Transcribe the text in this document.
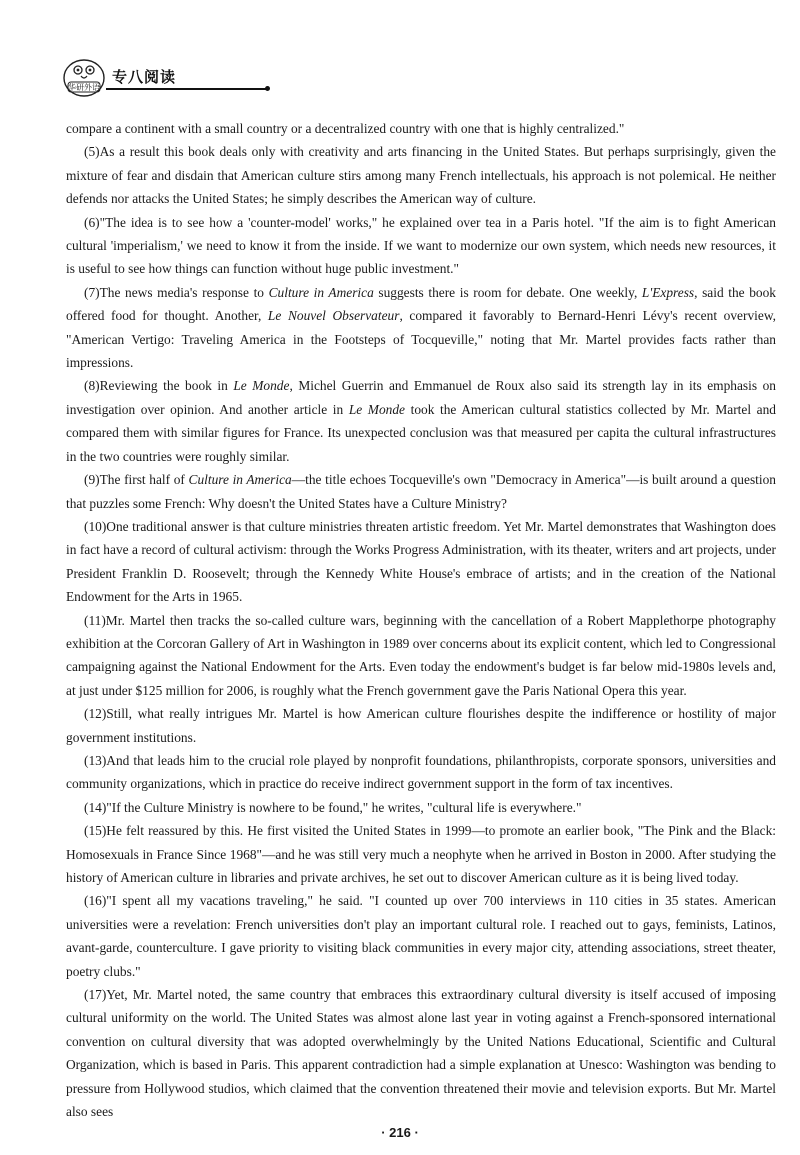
华研外语
专八阅读

compare a continent with a small country or a decentralized country with one that is highly centralized."

(5)As a result this book deals only with creativity and arts financing in the United States. But perhaps surprisingly, given the mixture of fear and disdain that American culture stirs among many French intellectuals, his approach is not polemical. He neither defends nor attacks the United States; he simply describes the American way of culture.

(6)"The idea is to see how a 'counter-model' works," he explained over tea in a Paris hotel. "If the aim is to fight American cultural 'imperialism,' we need to know it from the inside. If we want to modernize our own system, which needs new resources, it is useful to see how things can function without huge public investment."

(7)The news media's response to Culture in America suggests there is room for debate. One weekly, L'Express, said the book offered food for thought. Another, Le Nouvel Observateur, compared it favorably to Bernard-Henri Lévy's recent overview, "American Vertigo: Traveling America in the Footsteps of Tocqueville," noting that Mr. Martel provides facts rather than impressions.

(8)Reviewing the book in Le Monde, Michel Guerrin and Emmanuel de Roux also said its strength lay in its emphasis on investigation over opinion. And another article in Le Monde took the American cultural statistics collected by Mr. Martel and compared them with similar figures for France. Its unexpected conclusion was that measured per capita the cultural infrastructures in the two countries were roughly similar.

(9)The first half of Culture in America—the title echoes Tocqueville's own "Democracy in America"—is built around a question that puzzles some French: Why doesn't the United States have a Culture Ministry?

(10)One traditional answer is that culture ministries threaten artistic freedom. Yet Mr. Martel demonstrates that Washington does in fact have a record of cultural activism: through the Works Progress Administration, with its theater, writers and art projects, under President Franklin D. Roosevelt; through the Kennedy White House's embrace of artists; and in the creation of the National Endowment for the Arts in 1965.

(11)Mr. Martel then tracks the so-called culture wars, beginning with the cancellation of a Robert Mapplethorpe photography exhibition at the Corcoran Gallery of Art in Washington in 1989 over concerns about its explicit content, which led to Congressional campaigning against the National Endowment for the Arts. Even today the endowment's budget is far below mid-1980s levels and, at just under $125 million for 2006, is roughly what the French government gave the Paris National Opera this year.

(12)Still, what really intrigues Mr. Martel is how American culture flourishes despite the indifference or hostility of major government institutions.

(13)And that leads him to the crucial role played by nonprofit foundations, philanthropists, corporate sponsors, universities and community organizations, which in practice do receive indirect government support in the form of tax incentives.

(14)"If the Culture Ministry is nowhere to be found," he writes, "cultural life is everywhere."

(15)He felt reassured by this. He first visited the United States in 1999—to promote an earlier book, "The Pink and the Black: Homosexuals in France Since 1968"—and he was still very much a neophyte when he arrived in Boston in 2000. After studying the history of American culture in libraries and private archives, he set out to discover American culture as it is being lived today.

(16)"I spent all my vacations traveling," he said. "I counted up over 700 interviews in 110 cities in 35 states. American universities were a revelation: French universities don't play an important cultural role. I reached out to gays, feminists, Latinos, avant-garde, counterculture. I gave priority to visiting black communities in every major city, attending associations, street theater, poetry clubs."

(17)Yet, Mr. Martel noted, the same country that embraces this extraordinary cultural diversity is itself accused of imposing cultural uniformity on the world. The United States was almost alone last year in voting against a French-sponsored international convention on cultural diversity that was adopted overwhelmingly by the United Nations Educational, Scientific and Cultural Organization, which is based in Paris. This apparent contradiction had a simple explanation at Unesco: Washington was bending to pressure from Hollywood studios, which claimed that the convention threatened their movie and television exports. But Mr. Martel also sees

· 216 ·
